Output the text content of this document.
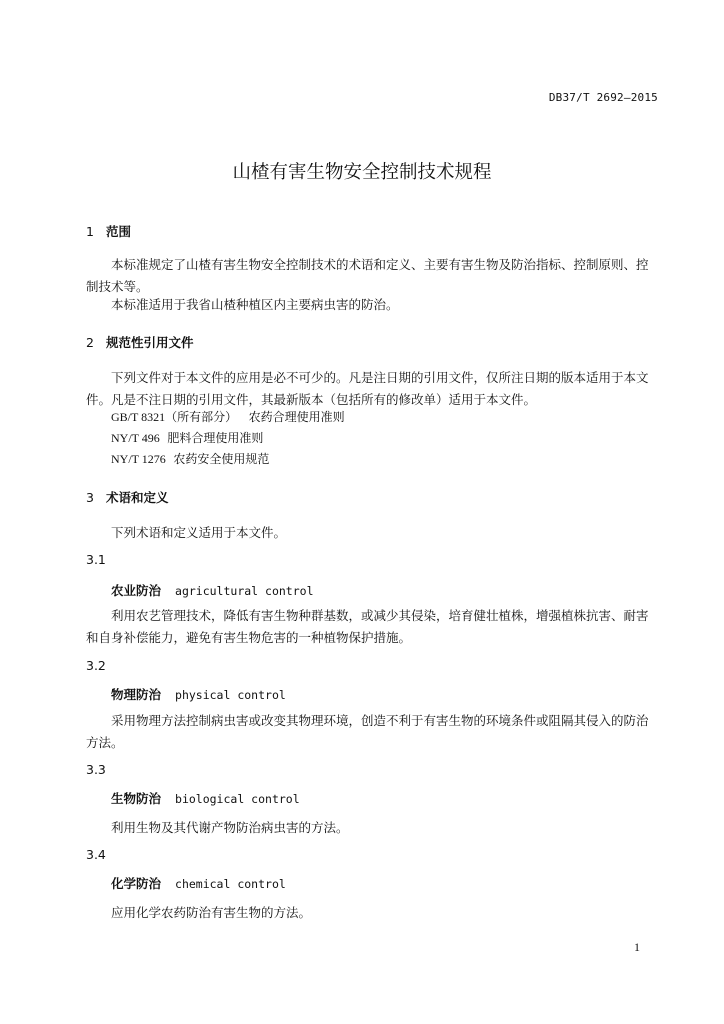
DB37/T 2692—2015
山楂有害生物安全控制技术规程
1 范围
本标准规定了山楂有害生物安全控制技术的术语和定义、主要有害生物及防治指标、控制原则、控制技术等。
本标准适用于我省山楂种植区内主要病虫害的防治。
2 规范性引用文件
下列文件对于本文件的应用是必不可少的。凡是注日期的引用文件，仅所注日期的版本适用于本文件。凡是不注日期的引用文件，其最新版本（包括所有的修改单）适用于本文件。
GB/T 8321（所有部分） 农药合理使用准则
NY/T 496 肥料合理使用准则
NY/T 1276 农药安全使用规范
3 术语和定义
下列术语和定义适用于本文件。
3.1
农业防治 agricultural control
利用农艺管理技术，降低有害生物种群基数，或减少其侵染，培育健壮植株，增强植株抗害、耐害和自身补偿能力，避免有害生物危害的一种植物保护措施。
3.2
物理防治 physical control
采用物理方法控制病虫害或改变其物理环境，创造不利于有害生物的环境条件或阻隔其侵入的防治方法。
3.3
生物防治 biological control
利用生物及其代谢产物防治病虫害的方法。
3.4
化学防治 chemical control
应用化学农药防治有害生物的方法。
1
